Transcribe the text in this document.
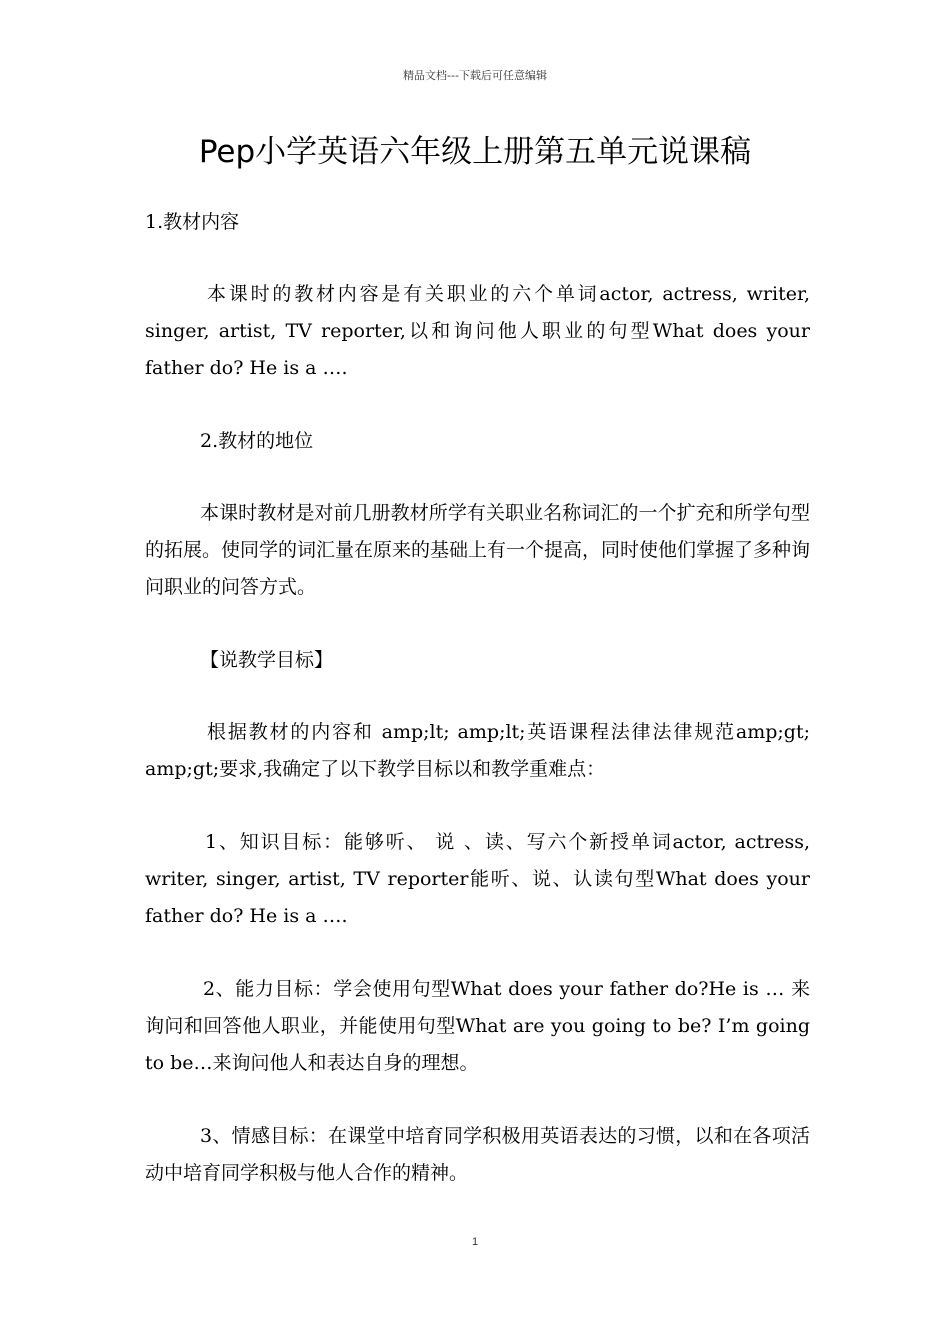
精品文档---下载后可任意编辑
Pep小学英语六年级上册第五单元说课稿
1.教材内容
本课时的教材内容是有关职业的六个单词actor, actress, writer, singer, artist, TV reporter,以和询问他人职业的句型What does your father do? He is a ….
2.教材的地位
本课时教材是对前几册教材所学有关职业名称词汇的一个扩充和所学句型的拓展。使同学的词汇量在原来的基础上有一个提高，同时使他们掌握了多种询问职业的问答方式。
【说教学目标】
根据教材的内容和 amp;lt; amp;lt;英语课程法律法律规范amp;gt; amp;gt;要求,我确定了以下教学目标以和教学重难点：
1、知识目标：能够听、 说 、读、写六个新授单词actor, actress, writer, singer, artist, TV reporter能听、说、认读句型What does your father do? He is a ….
2、能力目标：学会使用句型What does your father do?He is … 来询问和回答他人职业，并能使用句型What are you going to be? I’m going to be…来询问他人和表达自身的理想。
3、情感目标：在课堂中培育同学积极用英语表达的习惯，以和在各项活动中培育同学积极与他人合作的精神。
1
